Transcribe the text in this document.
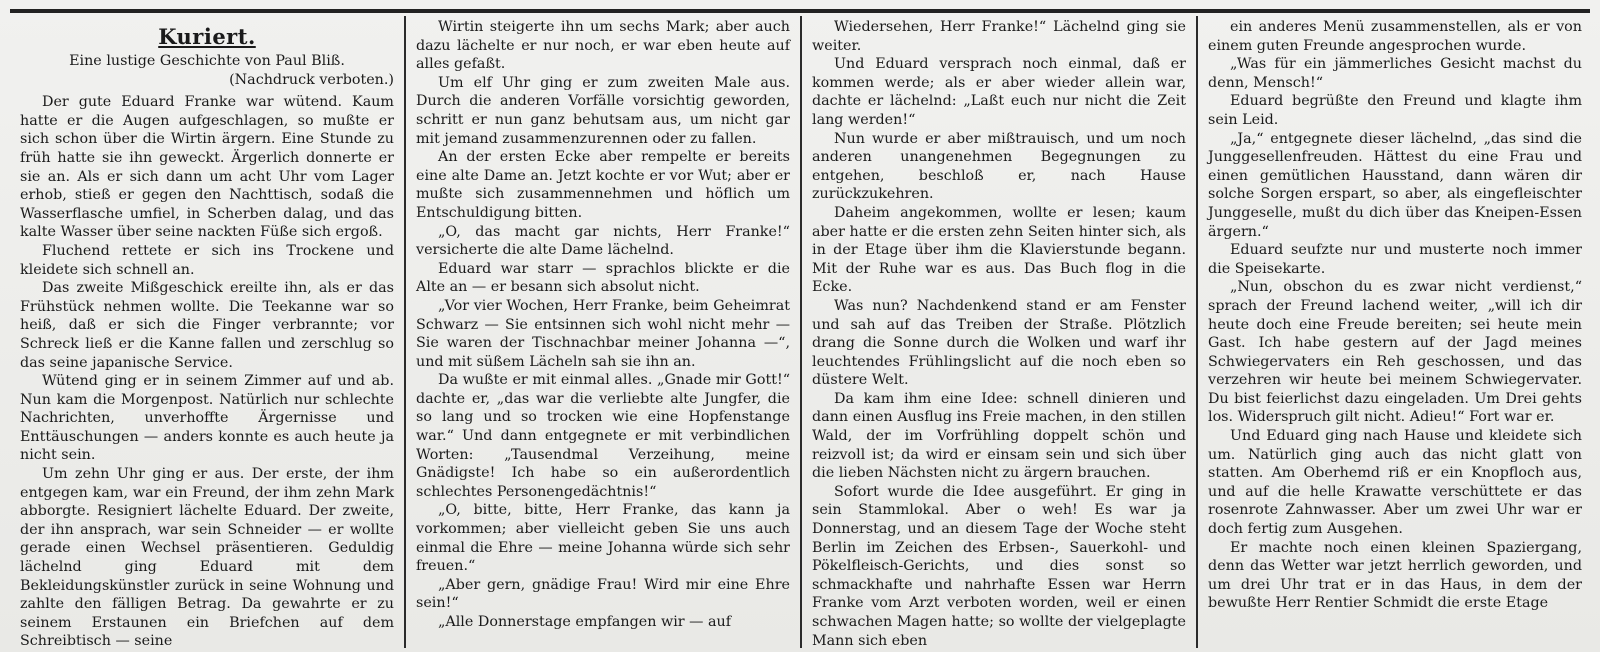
Kuriert.
Eine lustige Geschichte von Paul Bliß.
(Nachdruck verboten.)

Der gute Eduard Franke war wütend. Kaum hatte er die Augen aufgeschlagen, so mußte er sich schon über die Wirtin ärgern. Eine Stunde zu früh hatte sie ihn geweckt. Ärgerlich donnerte er sie an. Als er sich dann um acht Uhr vom Lager erhob, stieß er gegen den Nachttisch, sodaß die Wasserflasche umfiel, in Scherben dalag, und das kalte Wasser über seine nackten Füße sich ergoß.

Fluchend rettete er sich ins Trockene und kleidete sich schnell an.

Das zweite Mißgeschick ereilte ihn, als er das Frühstück nehmen wollte. Die Teekanne war so heiß, daß er sich die Finger verbrannte; vor Schreck ließ er die Kanne fallen und zerschlug so das seine japanische Service.

Wütend ging er in seinem Zimmer auf und ab. Nun kam die Morgenpost. Natürlich nur schlechte Nachrichten, unverhoffte Ärgernisse und Enttäuschungen — anders konnte es auch heute ja nicht sein.

Um zehn Uhr ging er aus. Der erste, der ihm entgegen kam, war ein Freund, der ihm zehn Mark abborgte. Resigniert lächelte Eduard. Der zweite, der ihn ansprach, war sein Schneider — er wollte gerade einen Wechsel präsentieren. Geduldig lächelnd ging Eduard mit dem Bekleidungskünstler zurück in seine Wohnung und zahlte den fälligen Betrag. Da gewahrte er zu seinem Erstaunen ein Briefchen auf dem Schreibtisch — seine

Wirtin steigerte ihn um sechs Mark; aber auch dazu lächelte er nur noch, er war eben heute auf alles gefaßt.

Um elf Uhr ging er zum zweiten Male aus. Durch die anderen Vorfälle vorsichtig geworden, schritt er nun ganz behutsam aus, um nicht gar mit jemand zusammenzurennen oder zu fallen.

An der ersten Ecke aber rempelte er bereits eine alte Dame an. Jetzt kochte er vor Wut; aber er mußte sich zusammennehmen und höflich um Entschuldigung bitten.

„O, das macht gar nichts, Herr Franke!“ versicherte die alte Dame lächelnd.

Eduard war starr — sprachlos blickte er die Alte an — er besann sich absolut nicht.

„Vor vier Wochen, Herr Franke, beim Geheimrat Schwarz — Sie entsinnen sich wohl nicht mehr — Sie waren der Tischnachbar meiner Johanna —“, und mit süßem Lächeln sah sie ihn an.

Da wußte er mit einmal alles. „Gnade mir Gott!“ dachte er, „das war die verliebte alte Jungfer, die so lang und so trocken wie eine Hopfenstange war.“ Und dann entgegnete er mit verbindlichen Worten: „Tausendmal Verzeihung, meine Gnädigste! Ich habe so ein außerordentlich schlechtes Personengedächtnis!“

„O, bitte, bitte, Herr Franke, das kann ja vorkommen; aber vielleicht geben Sie uns auch einmal die Ehre — meine Johanna würde sich sehr freuen.“

„Aber gern, gnädige Frau! Wird mir eine Ehre sein!“

„Alle Donnerstage empfangen wir — auf

Wiedersehen, Herr Franke!“ Lächelnd ging sie weiter.

Und Eduard versprach noch einmal, daß er kommen werde; als er aber wieder allein war, dachte er lächelnd: „Laßt euch nur nicht die Zeit lang werden!“

Nun wurde er aber mißtrauisch, und um noch anderen unangenehmen Begegnungen zu entgehen, beschloß er, nach Hause zurückzukehren.

Daheim angekommen, wollte er lesen; kaum aber hatte er die ersten zehn Seiten hinter sich, als in der Etage über ihm die Klavierstunde begann. Mit der Ruhe war es aus. Das Buch flog in die Ecke.

Was nun? Nachdenkend stand er am Fenster und sah auf das Treiben der Straße. Plötzlich drang die Sonne durch die Wolken und warf ihr leuchtendes Frühlingslicht auf die noch eben so düstere Welt.

Da kam ihm eine Idee: schnell dinieren und dann einen Ausflug ins Freie machen, in den stillen Wald, der im Vorfrühling doppelt schön und reizvoll ist; da wird er einsam sein und sich über die lieben Nächsten nicht zu ärgern brauchen.

Sofort wurde die Idee ausgeführt. Er ging in sein Stammlokal. Aber o weh! Es war ja Donnerstag, und an diesem Tage der Woche steht Berlin im Zeichen des Erbsen-, Sauerkohl- und Pökelfleisch-Gerichts, und dies sonst so schmackhafte und nahrhafte Essen war Herrn Franke vom Arzt verboten worden, weil er einen schwachen Magen hatte; so wollte der vielgeplagte Mann sich eben

ein anderes Menü zusammenstellen, als er von einem guten Freunde angesprochen wurde.

„Was für ein jämmerliches Gesicht machst du denn, Mensch!“

Eduard begrüßte den Freund und klagte ihm sein Leid.

„Ja,“ entgegnete dieser lächelnd, „das sind die Junggesellenfreuden. Hättest du eine Frau und einen gemütlichen Hausstand, dann wären dir solche Sorgen erspart, so aber, als eingefleischter Junggeselle, mußt du dich über das Kneipen-Essen ärgern.“

Eduard seufzte nur und musterte noch immer die Speisekarte.

„Nun, obschon du es zwar nicht verdienst,“ sprach der Freund lachend weiter, „will ich dir heute doch eine Freude bereiten; sei heute mein Gast. Ich habe gestern auf der Jagd meines Schwiegervaters ein Reh geschossen, und das verzehren wir heute bei meinem Schwiegervater. Du bist feierlichst dazu eingeladen. Um Drei gehts los. Widerspruch gilt nicht. Adieu!“ Fort war er.

Und Eduard ging nach Hause und kleidete sich um. Natürlich ging auch das nicht glatt von statten. Am Oberhemd riß er ein Knopfloch aus, und auf die helle Krawatte verschüttete er das rosenrote Zahnwasser. Aber um zwei Uhr war er doch fertig zum Ausgehen.

Er machte noch einen kleinen Spaziergang, denn das Wetter war jetzt herrlich geworden, und um drei Uhr trat er in das Haus, in dem der bewußte Herr Rentier Schmidt die erste Etage
